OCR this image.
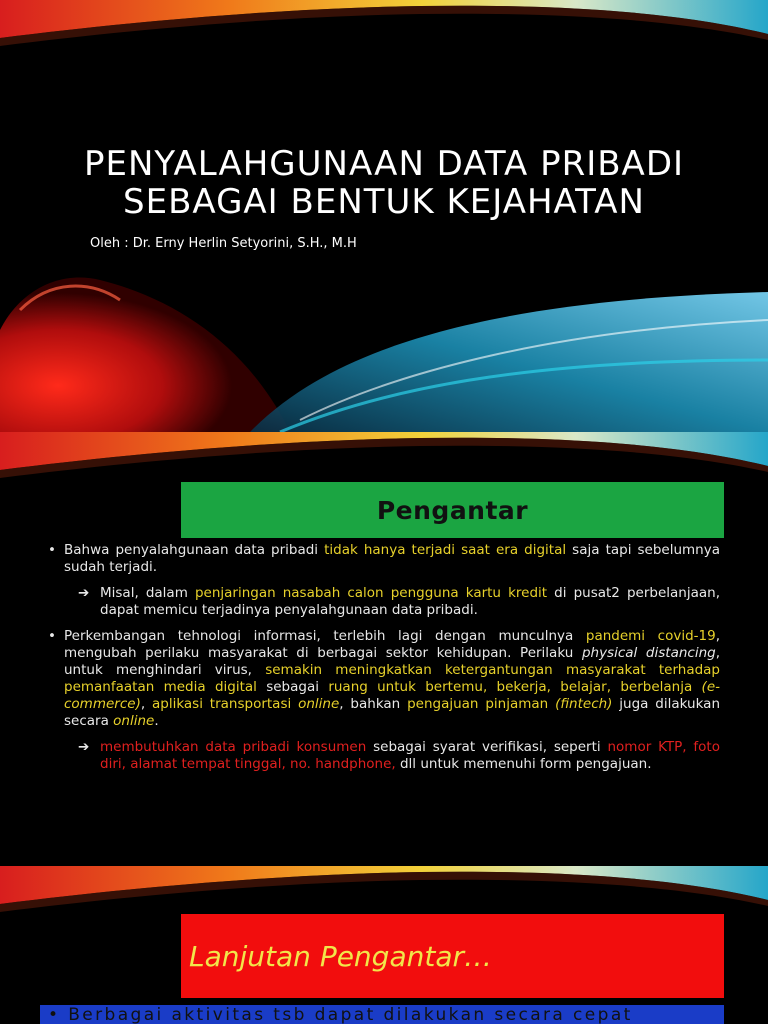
PENYALAHGUNAAN DATA PRIBADI
SEBAGAI BENTUK KEJAHATAN
Oleh : Dr. Erny Herlin Setyorini, S.H., M.H
Pengantar
• Bahwa penyalahgunaan data pribadi tidak hanya terjadi saat era digital saja tapi sebelumnya sudah terjadi.
➔ Misal, dalam penjaringan nasabah calon pengguna kartu kredit di pusat2 perbelanjaan, dapat memicu terjadinya penyalahgunaan data pribadi.
• Perkembangan tehnologi informasi, terlebih lagi dengan munculnya pandemi covid-19, mengubah perilaku masyarakat di berbagai sektor kehidupan. Perilaku physical distancing, untuk menghindari virus, semakin meningkatkan ketergantungan masyarakat terhadap pemanfaatan media digital sebagai ruang untuk bertemu, bekerja, belajar, berbelanja (e-commerce), aplikasi transportasi online, bahkan pengajuan pinjaman (fintech) juga dilakukan secara online.
➔ membutuhkan data pribadi konsumen sebagai syarat verifikasi, seperti nomor KTP, foto diri, alamat tempat tinggal, no. handphone, dll untuk memenuhi form pengajuan.
Lanjutan Pengantar…
• Berbagai aktivitas tsb dapat dilakukan secara cepat
